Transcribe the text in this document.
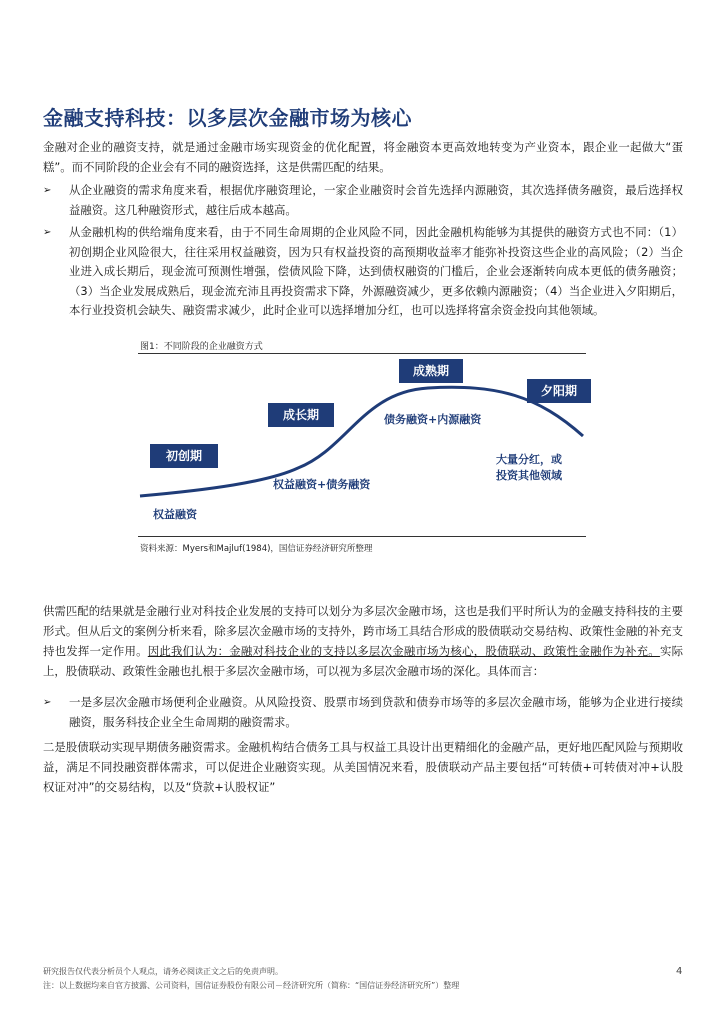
金融支持科技：以多层次金融市场为核心
金融对企业的融资支持，就是通过金融市场实现资金的优化配置，将金融资本更高效地转变为产业资本，跟企业一起做大“蛋糕”。而不同阶段的企业会有不同的融资选择，这是供需匹配的结果。
➢ 从企业融资的需求角度来看，根据优序融资理论，一家企业融资时会首先选择内源融资，其次选择债务融资，最后选择权益融资。这几种融资形式，越往后成本越高。
➢ 从金融机构的供给端角度来看，由于不同生命周期的企业风险不同，因此金融机构能够为其提供的融资方式也不同：（1）初创期企业风险很大，往往采用权益融资，因为只有权益投资的高预期收益率才能弥补投资这些企业的高风险；（2）当企业进入成长期后，现金流可预测性增强，偿债风险下降，达到债权融资的门槛后，企业会逐渐转向成本更低的债务融资；（3）当企业发展成熟后，现金流充沛且再投资需求下降，外源融资减少，更多依赖内源融资；（4）当企业进入夕阳期后，本行业投资机会缺失、融资需求减少，此时企业可以选择增加分红，也可以选择将富余资金投向其他领域。
图1：不同阶段的企业融资方式
初创期
成长期
成熟期
夕阳期
权益融资
权益融资+债务融资
债务融资+内源融资
大量分红，或
投资其他领域
资料来源：Myers和Majluf(1984)，国信证券经济研究所整理
供需匹配的结果就是金融行业对科技企业发展的支持可以划分为多层次金融市场，这也是我们平时所认为的金融支持科技的主要形式。但从后文的案例分析来看，除多层次金融市场的支持外，跨市场工具结合形成的股债联动交易结构、政策性金融的补充支持也发挥一定作用。因此我们认为：金融对科技企业的支持以多层次金融市场为核心，股债联动、政策性金融作为补充。实际上，股债联动、政策性金融也扎根于多层次金融市场，可以视为多层次金融市场的深化。具体而言：
➢ 一是多层次金融市场便利企业融资。从风险投资、股票市场到贷款和债券市场等的多层次金融市场，能够为企业进行接续融资，服务科技企业全生命周期的融资需求。
二是股债联动实现早期债务融资需求。金融机构结合债务工具与权益工具设计出更精细化的金融产品，更好地匹配风险与预期收益，满足不同投融资群体需求，可以促进企业融资实现。从美国情况来看，股债联动产品主要包括“可转债+可转债对冲+认股权证对冲”的交易结构，以及“贷款+认股权证”
研究报告仅代表分析员个人观点，请务必阅读正文之后的免责声明。
注：以上数据均来自官方披露、公司资料，国信证券股份有限公司－经济研究所（简称：“国信证券经济研究所”）整理
4
